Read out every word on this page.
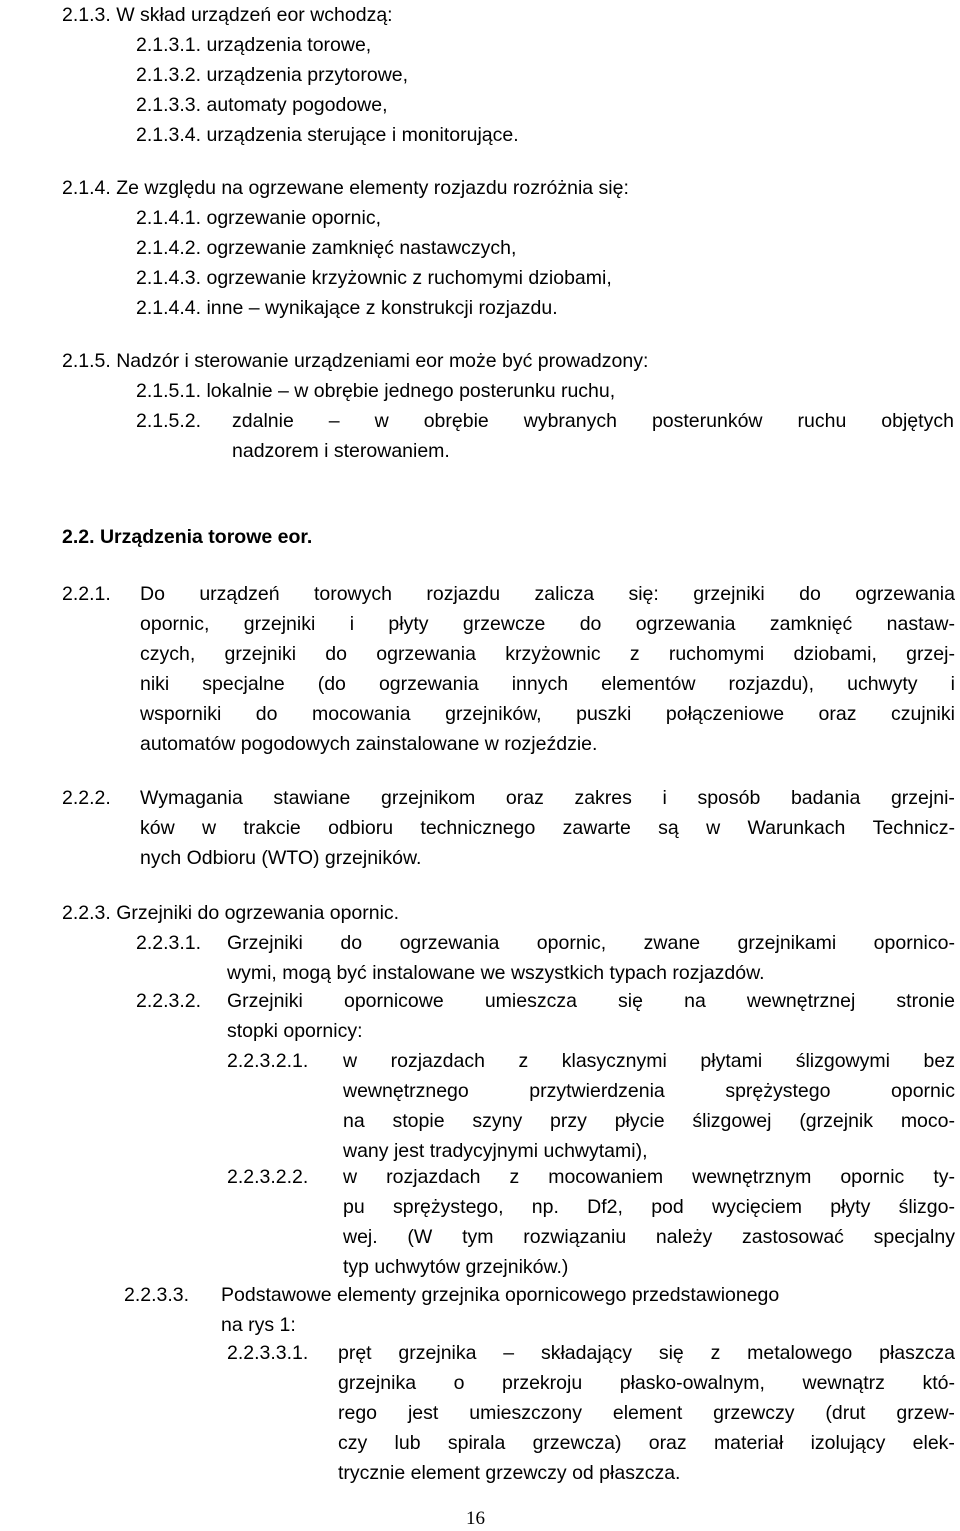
2.1.3. W skład urządzeń eor wchodzą:
2.1.3.1. urządzenia torowe,
2.1.3.2. urządzenia przytorowe,
2.1.3.3. automaty pogodowe,
2.1.3.4. urządzenia sterujące i monitorujące.
2.1.4. Ze względu na ogrzewane elementy rozjazdu rozróżnia się:
2.1.4.1. ogrzewanie opornic,
2.1.4.2. ogrzewanie zamknięć nastawczych,
2.1.4.3. ogrzewanie krzyżownic z ruchomymi dziobami,
2.1.4.4. inne – wynikające z konstrukcji rozjazdu.
2.1.5. Nadzór i sterowanie urządzeniami eor może być prowadzony:
2.1.5.1. lokalnie – w obrębie jednego posterunku ruchu,
2.1.5.2. zdalnie – w obrębie wybranych posterunków ruchu objętych
nadzorem i sterowaniem.
2.2. Urządzenia torowe eor.
2.2.1. Do urządzeń torowych rozjazdu zalicza się: grzejniki do ogrzewania
opornic, grzejniki i płyty grzewcze do ogrzewania zamknięć nastaw-
czych, grzejniki do ogrzewania krzyżownic z ruchomymi dziobami, grzej-
niki specjalne (do ogrzewania innych elementów rozjazdu), uchwyty i
wsporniki do mocowania grzejników, puszki połączeniowe oraz czujniki
automatów pogodowych zainstalowane w rozjeździe.
2.2.2. Wymagania stawiane grzejnikom oraz zakres i sposób badania grzejni-
ków w trakcie odbioru technicznego zawarte są w Warunkach Technicz-
nych Odbioru (WTO) grzejników.
2.2.3. Grzejniki do ogrzewania opornic.
2.2.3.1. Grzejniki do ogrzewania opornic, zwane grzejnikami opornico-
wymi, mogą być instalowane we wszystkich typach rozjazdów.
2.2.3.2. Grzejniki opornicowe umieszcza się na wewnętrznej stronie
stopki opornicy:
2.2.3.2.1. w rozjazdach z klasycznymi płytami ślizgowymi bez
wewnętrznego	przytwierdzenia	sprężystego	opornic
na stopie szyny przy płycie ślizgowej (grzejnik moco-
wany jest tradycyjnymi uchwytami),
2.2.3.2.2. w rozjazdach z mocowaniem wewnętrznym opornic ty-
pu sprężystego, np. Df2, pod wycięciem płyty ślizgo-
wej. (W tym rozwiązaniu należy zastosować specjalny
typ uchwytów grzejników.)
2.2.3.3. Podstawowe elementy grzejnika opornicowego przedstawionego
na rys 1:
2.2.3.3.1. pręt grzejnika – składający się z metalowego płaszcza
grzejnika o przekroju płasko-owalnym, wewnątrz któ-
rego jest umieszczony element grzewczy (drut grzew-
czy lub spirala grzewcza) oraz materiał izolujący elek-
trycznie element grzewczy od płaszcza.
16
